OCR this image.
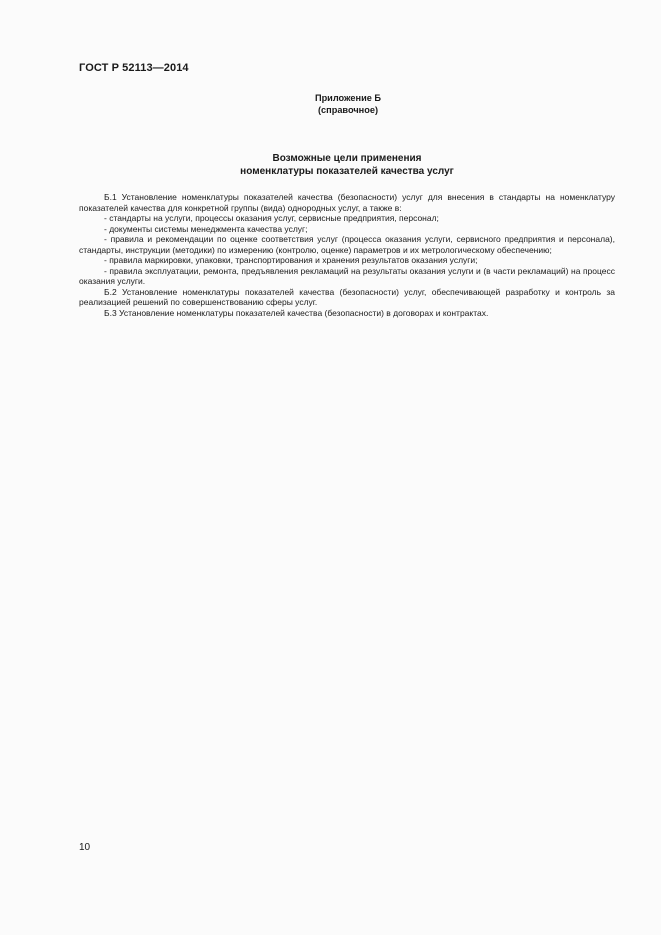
ГОСТ Р 52113—2014
Приложение Б
(справочное)
Возможные цели применения
номенклатуры показателей качества услуг

Б.1 Установление номенклатуры показателей качества (безопасности) услуг для внесения в стандарты на номенклатуру показателей качества для конкретной группы (вида) однородных услуг, а также в:

- стандарты на услуги, процессы оказания услуг, сервисные предприятия, персонал;

- документы системы менеджмента качества услуг;

- правила и рекомендации по оценке соответствия услуг (процесса оказания услуги, сервисного предприятия и персонала), стандарты, инструкции (методики) по измерению (контролю, оценке) параметров и их метрологическому обеспечению;

- правила маркировки, упаковки, транспортирования и хранения результатов оказания услуги;

- правила эксплуатации, ремонта, предъявления рекламаций на результаты оказания услуги и (в части рекламаций) на процесс оказания услуги.

Б.2 Установление номенклатуры показателей качества (безопасности) услуг, обеспечивающей разработку и контроль за реализацией решений по совершенствованию сферы услуг.

Б.3 Установление номенклатуры показателей качества (безопасности) в договорах и контрактах.

10
